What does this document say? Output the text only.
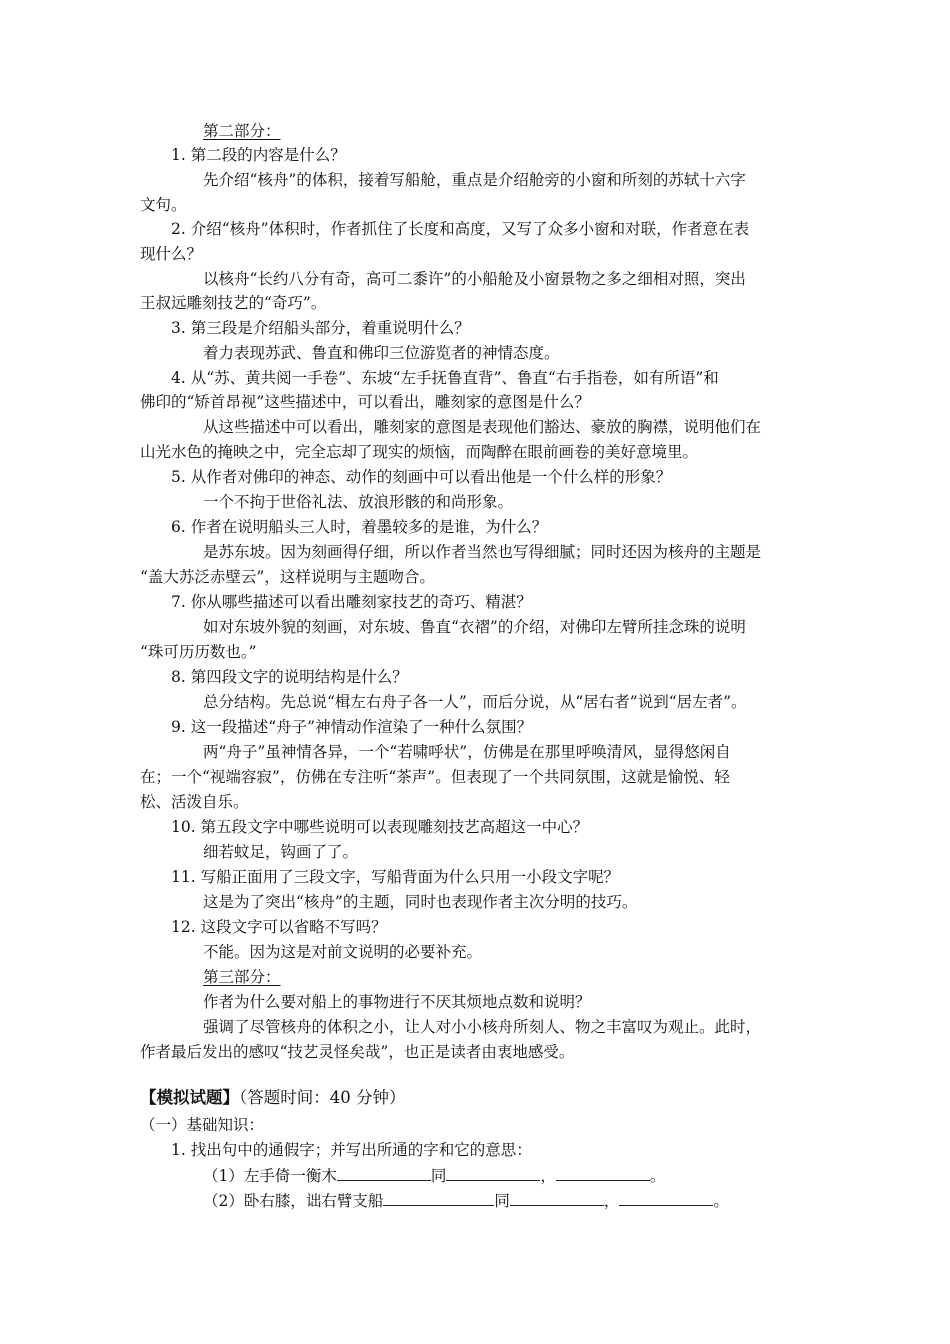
第二部分：
1. 第二段的内容是什么？
先介绍“核舟”的体积，接着写船舱，重点是介绍舱旁的小窗和所刻的苏轼十六字
文句。
2. 介绍“核舟”体积时，作者抓住了长度和高度，又写了众多小窗和对联，作者意在表
现什么？
以核舟“长约八分有奇，高可二黍许”的小船舱及小窗景物之多之细相对照，突出
王叔远雕刻技艺的“奇巧”。
3. 第三段是介绍船头部分，着重说明什么？
着力表现苏武、鲁直和佛印三位游览者的神情态度。
4. 从“苏、黄共阅一手卷”、东坡“左手抚鲁直背”、鲁直“右手指卷，如有所语”和
佛印的“矫首昂视”这些描述中，可以看出，雕刻家的意图是什么？
从这些描述中可以看出，雕刻家的意图是表现他们豁达、豪放的胸襟，说明他们在
山光水色的掩映之中，完全忘却了现实的烦恼，而陶醉在眼前画卷的美好意境里。
5. 从作者对佛印的神态、动作的刻画中可以看出他是一个什么样的形象？
一个不拘于世俗礼法、放浪形骸的和尚形象。
6. 作者在说明船头三人时，着墨较多的是谁，为什么？
是苏东坡。因为刻画得仔细，所以作者当然也写得细腻；同时还因为核舟的主题是
“盖大苏泛赤壁云”，这样说明与主题吻合。
7. 你从哪些描述可以看出雕刻家技艺的奇巧、精湛？
如对东坡外貌的刻画，对东坡、鲁直“衣褶”的介绍，对佛印左臂所挂念珠的说明
“珠可历历数也。”
8. 第四段文字的说明结构是什么？
总分结构。先总说“楫左右舟子各一人”，而后分说，从“居右者”说到“居左者”。
9. 这一段描述“舟子”神情动作渲染了一种什么氛围？
两“舟子”虽神情各异，一个“若啸呼状”，仿佛是在那里呼唤清风，显得悠闲自
在；一个“视端容寂”，仿佛在专注听“茶声”。但表现了一个共同氛围，这就是愉悦、轻
松、活泼自乐。
10. 第五段文字中哪些说明可以表现雕刻技艺高超这一中心？
细若蚊足，钩画了了。
11. 写船正面用了三段文字，写船背面为什么只用一小段文字呢？
这是为了突出“核舟”的主题，同时也表现作者主次分明的技巧。
12. 这段文字可以省略不写吗？
不能。因为这是对前文说明的必要补充。
第三部分：
作者为什么要对船上的事物进行不厌其烦地点数和说明？
强调了尽管核舟的体积之小，让人对小小核舟所刻人、物之丰富叹为观止。此时，
作者最后发出的感叹“技艺灵怪矣哉”，也正是读者由衷地感受。
【模拟试题】（答题时间：40 分钟）
（一）基础知识：
1. 找出句中的通假字；并写出所通的字和它的意思：
（1）左手倚一衡木	同	，	。
（2）卧右膝，诎右臂支船	同	，	。
